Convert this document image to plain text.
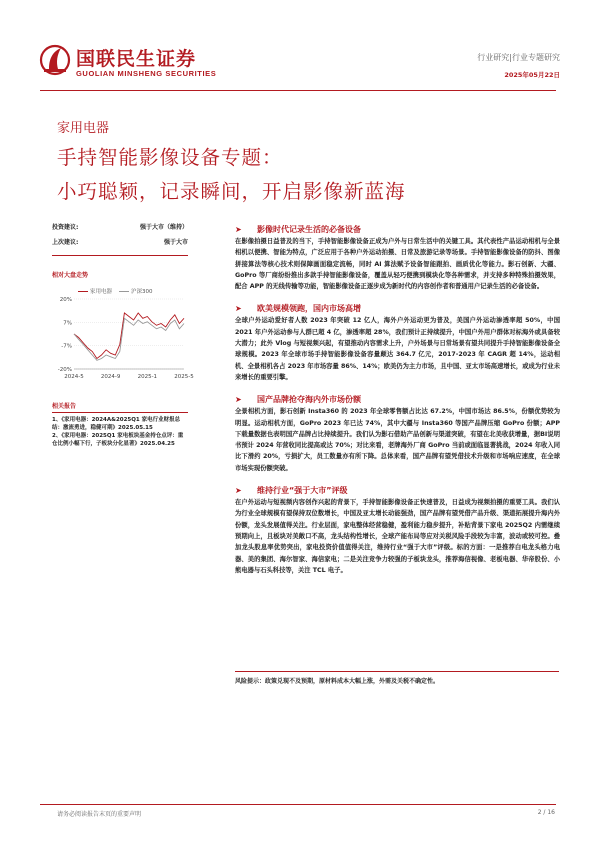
国联民生证券
GUOLIAN MINSHENG SECURITIES
行业研究|行业专题研究
2025年05月22日
家用电器
手持智能影像设备专题：
小巧聪颖，记录瞬间，开启影像新蓝海
投资建议:	强于大市（维持）
上次建议:	强于大市
相对大盘走势
家用电器	沪深300
20%
7%
-7%
-20%
2024-5	2024-9	2025-1	2025-5
相关报告
1、《家用电器：2024A&2025Q1 家电行业财报总结：激流勇进，稳健可期》2025.05.15
2、《家用电器：2025Q1 家电板块基金持仓点评：重仓比例小幅下行，子板块分化显著》2025.04.25
➤ 影像时代记录生活的必备设备
在影像拍摄日益普及的当下，手持智能影像设备正成为户外与日常生活中的关键工具。其代表性产品运动相机与全景相机以便携、智能为特点，广泛应用于各种户外运动拍摄、日常及旅游记录等场景。手持智能影像设备的防抖、图像拼接算法等核心技术则保障画面稳定流畅，同时 AI 算法赋予设备智能跟拍、画质优化等能力。影石创新、大疆、GoPro 等厂商纷纷推出多款手持智能影像设备，覆盖从轻巧便携到模块化等各种需求，并支持多种特殊拍摄效果，配合 APP 的无线传输等功能，智能影像设备正逐步成为新时代的内容创作者和普通用户记录生活的必备设备。
➤ 欧美规模领跑，国内市场高增
全球户外运动爱好者人数 2023 年突破 12 亿人，海外户外运动更为普及，美国户外运动渗透率超 50%，中国 2021 年户外运动参与人群已超 4 亿，渗透率超 28%，我们预计正持续提升，中国户外用户群体对标海外或具备较大潜力；此外 Vlog 与短视频兴起，有望推动内容需求上升，户外场景与日常场景有望共同提升手持智能影像设备全球规模。2023 年全球市场手持智能影像设备容量颠达 364.7 亿元，2017-2023 年 CAGR 超 14%，运动相机、全景相机各占 2023 年市场容量 86%、14%；欧美仍为主力市场，且中国、亚太市场高速增长，或成为行业未来增长的重要引擎。
➤ 国产品牌抢夺海内外市场份额
全景相机方面，影石创新 Insta360 的 2023 年全球零售额占比达 67.2%，中国市场达 86.5%，份额优势较为明显。运动相机方面，GoPro 2023 年已达 74%，其中大疆与 Insta360 等国产品牌压缩 GoPro 份额；APP 下载量数据也表明国产品牌占比持续提升。我们认为影石借助产品创新与渠道突破，有望在北美收获增量，据BI说明书预计 2024 年营收同比提高或达 70%；对比来看，老牌海外厂商 GoPro 当前或面临显著挑战，2024 年收入同比下滑约 20%，亏损扩大，员工数量亦有所下降。总体来看，国产品牌有望凭借技术升级和市场响应速度，在全球市场实现份额突破。
➤ 维持行业“强于大市”评级
在户外运动与短视频内容创作兴起的背景下，手持智能影像设备正快速普及，日益成为视频拍摄的重要工具。我们认为行业全球规模有望保持双位数增长，中国及亚太增长动能强劲，国产品牌有望凭借产品升级、渠道拓展提升海内外份额，龙头发展值得关注。行业层面，家电整体经营稳健，盈利能力稳步提升，补贴背景下家电 2025Q2 内需继续预期向上，且板块对美敞口不高，龙头结构性增长，全球产能布局等应对关税风险手段较为丰富，波动或较可控。叠加龙头股息率优势突出，家电投资价值值得关注，维持行业“强于大市”评级。标的方面：一是推荐白电龙头格力电器、美的集团、海尔智家、海信家电；二是关注竞争力较强的子板块龙头，推荐海信视像、老板电器、华帝股份、小熊电器与石头科技等，关注 TCL 电子。
风险提示：政策兑现不及预期，原材料成本大幅上涨，外需及关税不确定性。
请务必阅读报告末页的重要声明	2 / 16
